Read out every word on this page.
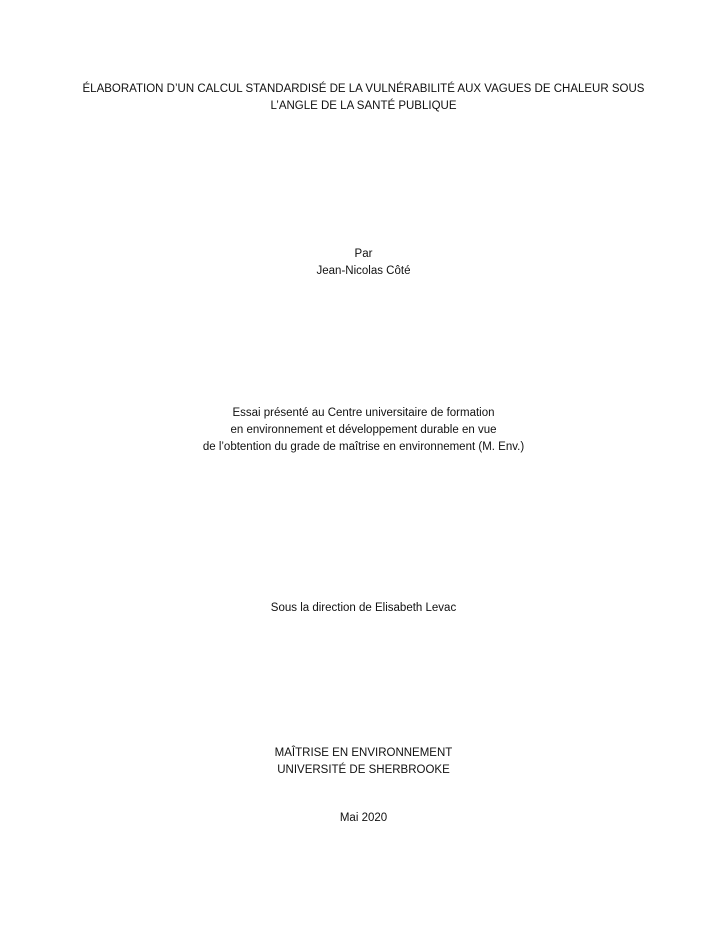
ÉLABORATION D’UN CALCUL STANDARDISÉ DE LA VULNÉRABILITÉ AUX VAGUES DE CHALEUR SOUS
L’ANGLE DE LA SANTÉ PUBLIQUE
Par
Jean-Nicolas Côté
Essai présenté au Centre universitaire de formation
en environnement et développement durable en vue
de l’obtention du grade de maîtrise en environnement (M. Env.)
Sous la direction de Elisabeth Levac
MAÎTRISE EN ENVIRONNEMENT
UNIVERSITÉ DE SHERBROOKE
Mai 2020
